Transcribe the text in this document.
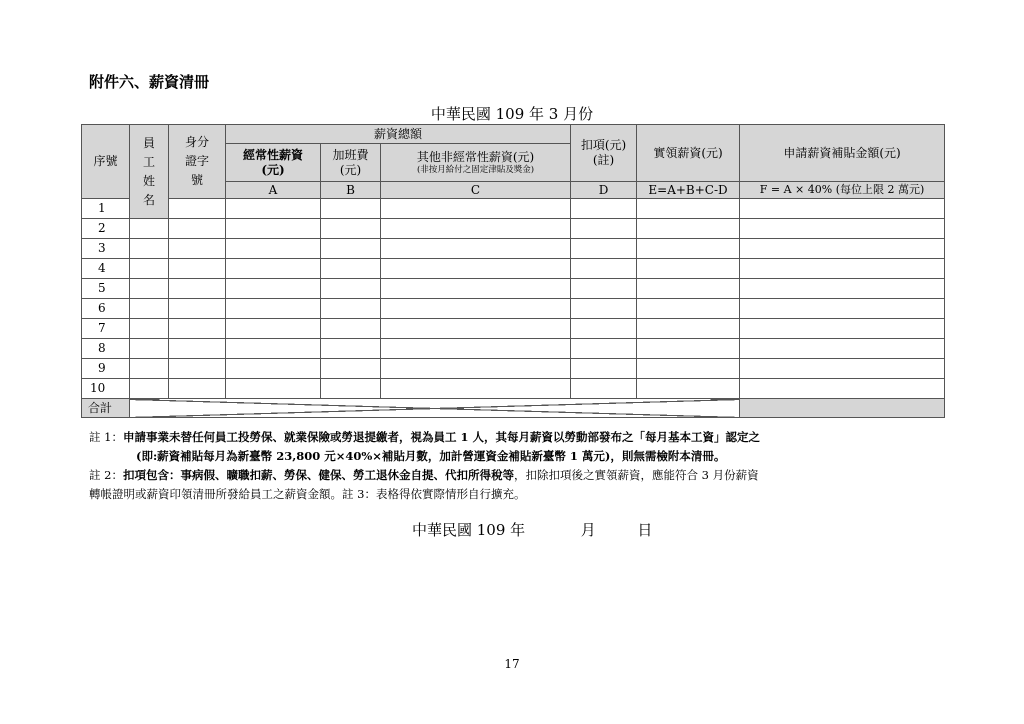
附件六、薪資清冊
中華民國 109 年 3 月份
序號	員工姓名	身分證字號	薪資總額			扣項(元)(註)	實領薪資(元)	申請薪資補貼金額(元)	
			經常性薪資(元)	加班費(元)	其他非經常性薪資(元)
(非按月給付之固定津貼及獎金)				

			A	B	C	D	E=A+B+C-D	F = A × 40% (每位上限 2 萬元)	
1									
2									
3									
4									
5									
6									
7									
8									
9									
10									
合計									
註 1：申請事業未替任何員工投勞保、就業保險或勞退提繳者，視為員工 1 人，其每月薪資以勞動部發布之「每月基本工資」認定之
(即:薪資補貼每月為新臺幣 23,800 元×40%×補貼月數，加計營運資金補貼新臺幣 1 萬元)，則無需檢附本清冊。
註 2：扣項包含：事病假、曠職扣薪、勞保、健保、勞工退休金自提、代扣所得稅等，扣除扣項後之實領薪資，應能符合 3 月份薪資
轉帳證明或薪資印領清冊所發給員工之薪資金額。註 3：表格得依實際情形自行擴充。
中華民國 109 年	月	日
17
